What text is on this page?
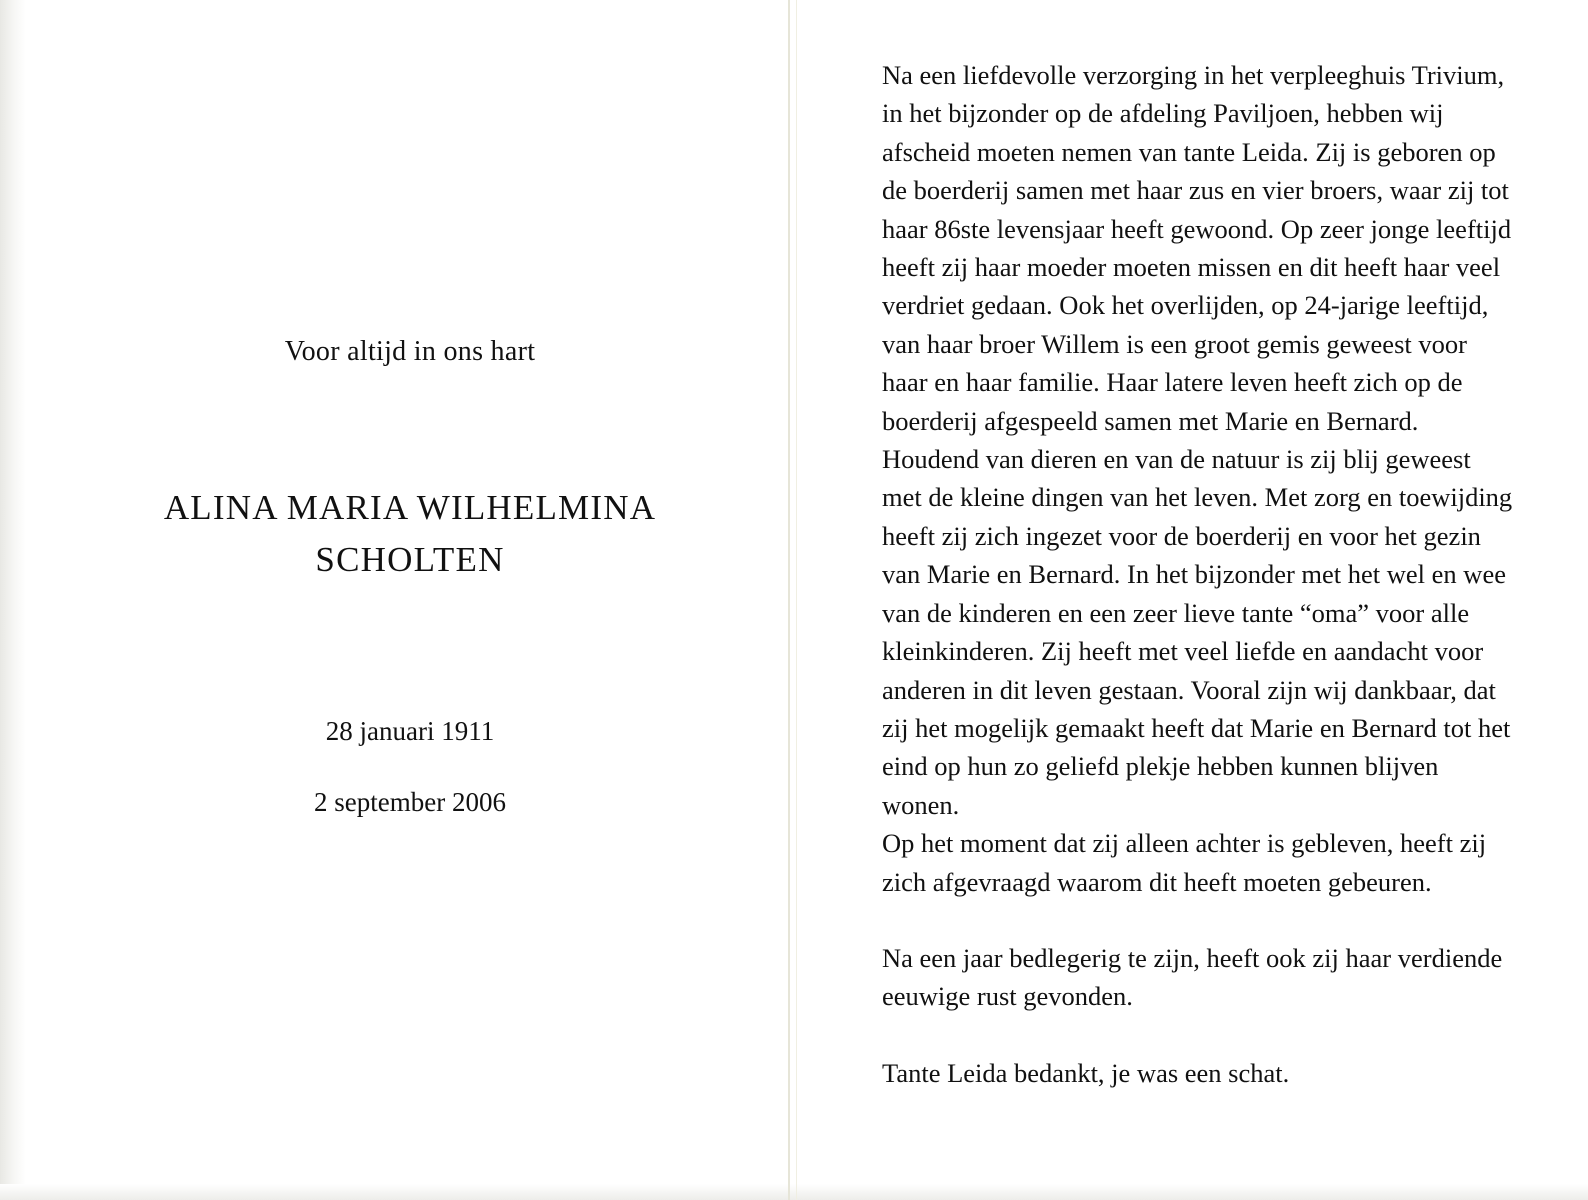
Voor altijd in ons hart
ALINA MARIA WILHELMINA
SCHOLTEN
28 januari 1911
2 september 2006

Na een liefdevolle verzorging in het verpleeghuis Trivium, in het bijzonder op de afdeling Paviljoen, hebben wij afscheid moeten nemen van tante Leida. Zij is geboren op de boerderij samen met haar zus en vier broers, waar zij tot haar 86ste levensjaar heeft gewoond. Op zeer jonge leeftijd heeft zij haar moeder moeten missen en dit heeft haar veel verdriet gedaan. Ook het overlijden, op 24-jarige leeftijd, van haar broer Willem is een groot gemis geweest voor haar en haar familie. Haar latere leven heeft zich op de boerderij afgespeeld samen met Marie en Bernard. Houdend van dieren en van de natuur is zij blij geweest met de kleine dingen van het leven. Met zorg en toewijding heeft zij zich ingezet voor de boerderij en voor het gezin van Marie en Bernard. In het bijzonder met het wel en wee van de kinderen en een zeer lieve tante “oma” voor alle kleinkinderen. Zij heeft met veel liefde en aandacht voor anderen in dit leven gestaan. Vooral zijn wij dankbaar, dat zij het mogelijk gemaakt heeft dat Marie en Bernard tot het eind op hun zo geliefd plekje hebben kunnen blijven wonen.

Op het moment dat zij alleen achter is gebleven, heeft zij zich afgevraagd waarom dit heeft moeten gebeuren.

Na een jaar bedlegerig te zijn, heeft ook zij haar verdiende eeuwige rust gevonden.

Tante Leida bedankt, je was een schat.
